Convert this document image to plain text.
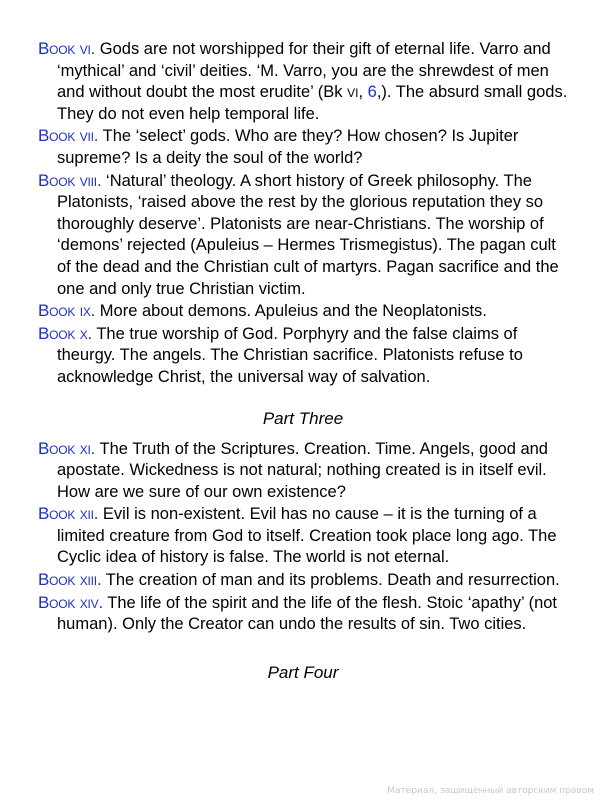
Book vi. Gods are not worshipped for their gift of eternal life. Varro and ‘mythical’ and ‘civil’ deities. ‘M. Varro, you are the shrewdest of men and without doubt the most erudite’ (Bk vi, 6,). The absurd small gods. They do not even help temporal life.

Book vii. The ‘select’ gods. Who are they? How chosen? Is Jupiter supreme? Is a deity the soul of the world?

Book viii. ‘Natural’ theology. A short history of Greek philosophy. The Platonists, ‘raised above the rest by the glorious reputation they so thoroughly deserve’. Platonists are near-Christians. The worship of ‘demons’ rejected (Apuleius – Hermes Trismegistus). The pagan cult of the dead and the Christian cult of martyrs. Pagan sacrifice and the one and only true Christian victim.

Book ix. More about demons. Apuleius and the Neoplatonists.

Book x. The true worship of God. Porphyry and the false claims of theurgy. The angels. The Christian sacrifice. Platonists refuse to acknowledge Christ, the universal way of salvation.

Part Three

Book xi. The Truth of the Scriptures. Creation. Time. Angels, good and apostate. Wickedness is not natural; nothing created is in itself evil. How are we sure of our own existence?

Book xii. Evil is non-existent. Evil has no cause – it is the turning of a limited creature from God to itself. Creation took place long ago. The Cyclic idea of history is false. The world is not eternal.

Book xiii. The creation of man and its problems. Death and resurrection.

Book xiv. The life of the spirit and the life of the flesh. Stoic ‘apathy’ (not human). Only the Creator can undo the results of sin. Two cities.

Part Four

Материал, защищенный авторским правом
